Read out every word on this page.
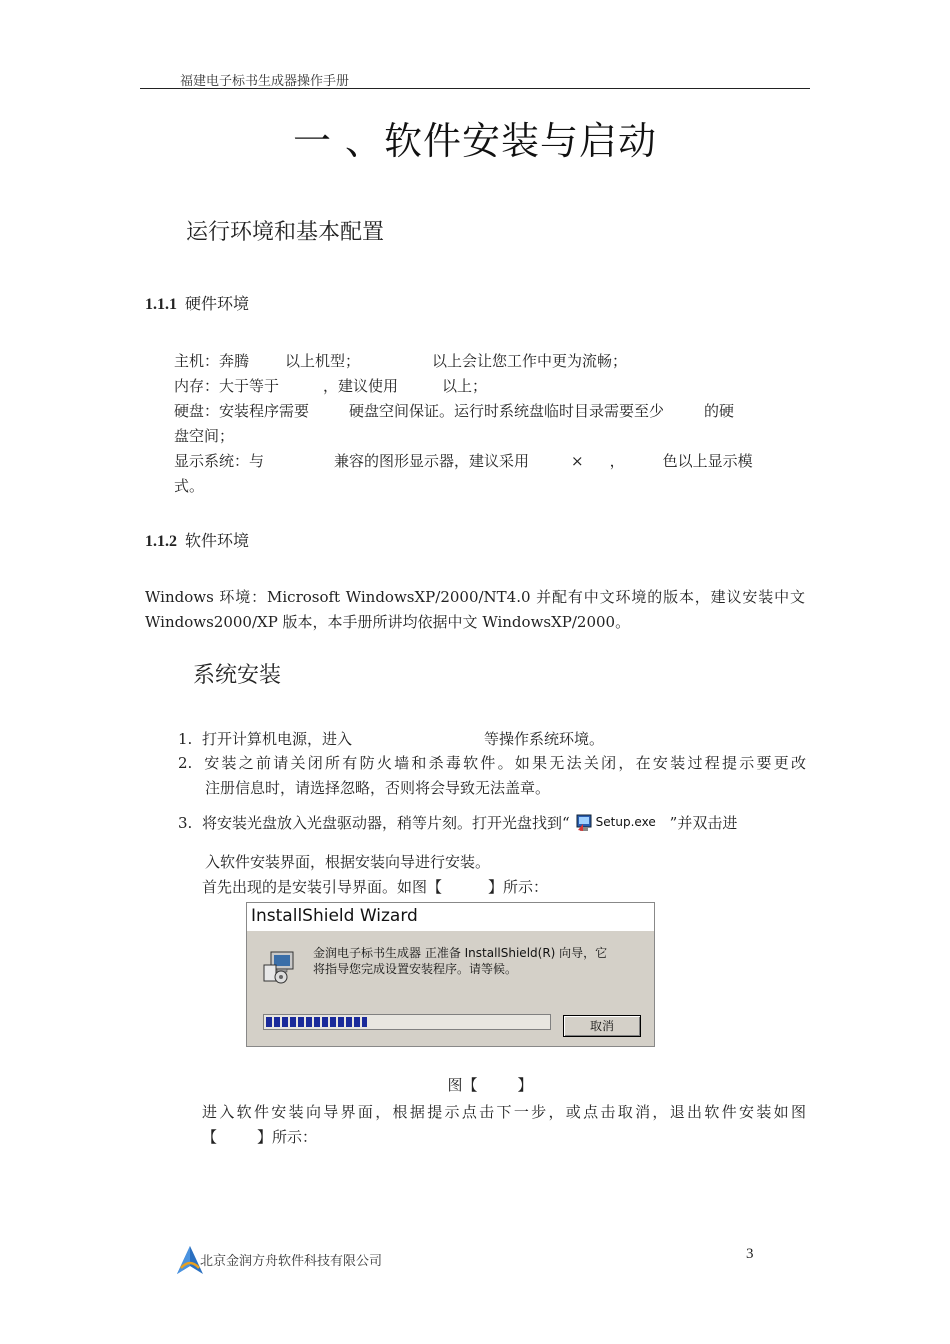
福建电子标书生成器操作手册
一 、软件安装与启动
运行环境和基本配置
1.1.1 硬件环境
主机：奔腾 以上机型；	以上会让您工作中更为流畅；
内存：大于等于	，建议使用	以上；
硬盘：安装程序需要	硬盘空间保证。运行时系统盘临时目录需要至少	的硬
盘空间；
显示系统：与	兼容的图形显示器，建议采用	× ，	色以上显示模
式。
1.1.2 软件环境
Windows 环境：Microsoft WindowsXP/2000/NT4.0 并配有中文环境的版本，建议安装中文
Windows2000/XP 版本，本手册所讲均依据中文 WindowsXP/2000。
系统安装
1. 打开计算机电源，进入	等操作系统环境。
2. 安装之前请关闭所有防火墙和杀毒软件。如果无法关闭，在安装过程提示要更改
注册信息时，请选择忽略，否则将会导致无法盖章。
3. 将安装光盘放入光盘驱动器，稍等片刻。打开光盘找到“ Setup.exe ”并双击进
入软件安装界面，根据安装向导进行安装。
首先出现的是安装引导界面。如图【	】所示：
InstallShield Wizard
金润电子标书生成器 正准备 InstallShield(R) 向导，它
将指导您完成设置安装程序。请等候。
取消
图【	】
进入软件安装向导界面，根据提示点击下一步，或点击取消，退出软件安装如图
【	】所示：
北京金润方舟软件科技有限公司	3
